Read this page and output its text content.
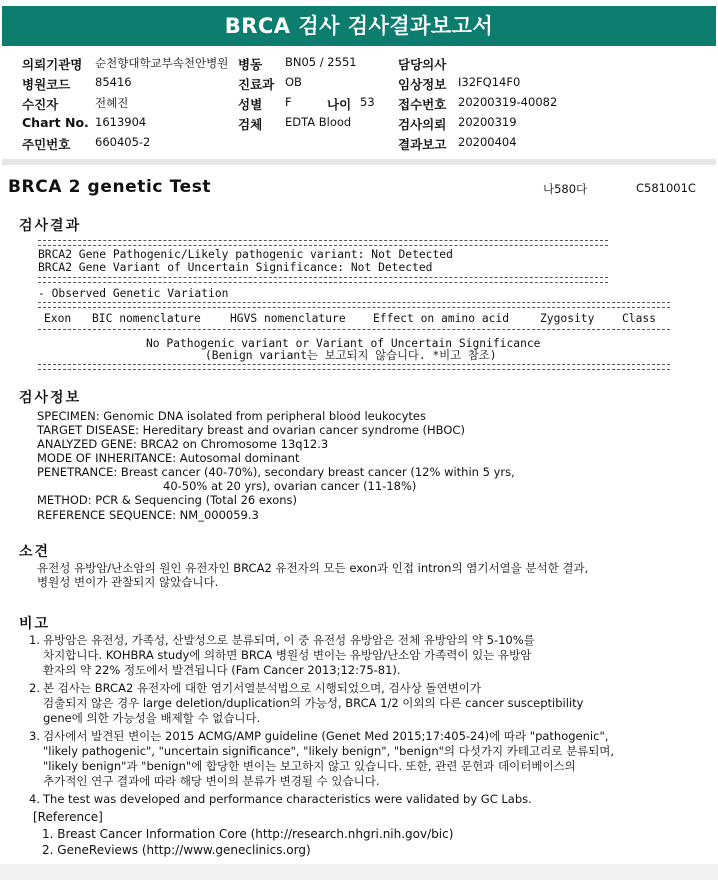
BRCA 검사 검사결과보고서
의뢰기관명 순천향대학교부속천안병원 병동 BN05 / 2551	담당의사
병원코드 85416	진료과 OB	임상정보 I32FQ14F0
수진자	전혜진	성별 F	나이 53 접수번호 20200319-40082
Chart No. 1613904	검체 EDTA Blood	검사의뢰 20200319
주민번호 660405-2	결과보고 20200404
BRCA 2 genetic Test	나580다	C581001C
검사결과
BRCA2 Gene Pathogenic/Likely pathogenic variant: Not Detected
BRCA2 Gene Variant of Uncertain Significance: Not Detected
- Observed Genetic Variation
Exon BIC nomenclature	HGVS nomenclature Effect on amino acid	Zygosity Class
No Pathogenic variant or Variant of Uncertain Significance
(Benign variant는 보고되지 않습니다. *비고 참조)
검사정보
SPECIMEN: Genomic DNA isolated from peripheral blood leukocytes
TARGET DISEASE: Hereditary breast and ovarian cancer syndrome (HBOC)
ANALYZED GENE: BRCA2 on Chromosome 13q12.3
MODE OF INHERITANCE: Autosomal dominant
PENETRANCE: Breast cancer (40-70%), secondary breast cancer (12% within 5 yrs,
40-50% at 20 yrs), ovarian cancer (11-18%)
METHOD: PCR & Sequencing (Total 26 exons)
REFERENCE SEQUENCE: NM_000059.3
소견
유전성 유방암/난소암의 원인 유전자인 BRCA2 유전자의 모든 exon과 인접 intron의 염기서열을 분석한 결과,
병원성 변이가 관찰되지 않았습니다.
비고
1. 유방암은 유전성, 가족성, 산발성으로 분류되며, 이 중 유전성 유방암은 전체 유방암의 약 5-10%를
차지합니다. KOHBRA study에 의하면 BRCA 병원성 변이는 유방암/난소암 가족력이 있는 유방암
환자의 약 22% 정도에서 발견됩니다 (Fam Cancer 2013;12:75-81).
2. 본 검사는 BRCA2 유전자에 대한 염기서열분석법으로 시행되었으며, 검사상 돌연변이가
검출되지 않은 경우 large deletion/duplication의 가능성, BRCA 1/2 이외의 다른 cancer susceptibility
gene에 의한 가능성을 배제할 수 없습니다.
3. 검사에서 발견된 변이는 2015 ACMG/AMP guideline (Genet Med 2015;17:405-24)에 따라 "pathogenic",
"likely pathogenic", "uncertain significance", "likely benign", "benign"의 다섯가지 카테고리로 분류되며,
"likely benign"과 "benign"에 합당한 변이는 보고하지 않고 있습니다. 또한, 관련 문헌과 데이터베이스의
추가적인 연구 결과에 따라 해당 변이의 분류가 변경될 수 있습니다.
4. The test was developed and performance characteristics were validated by GC Labs.
[Reference]
1. Breast Cancer Information Core (http://research.nhgri.nih.gov/bic)
2. GeneReviews (http://www.geneclinics.org)
